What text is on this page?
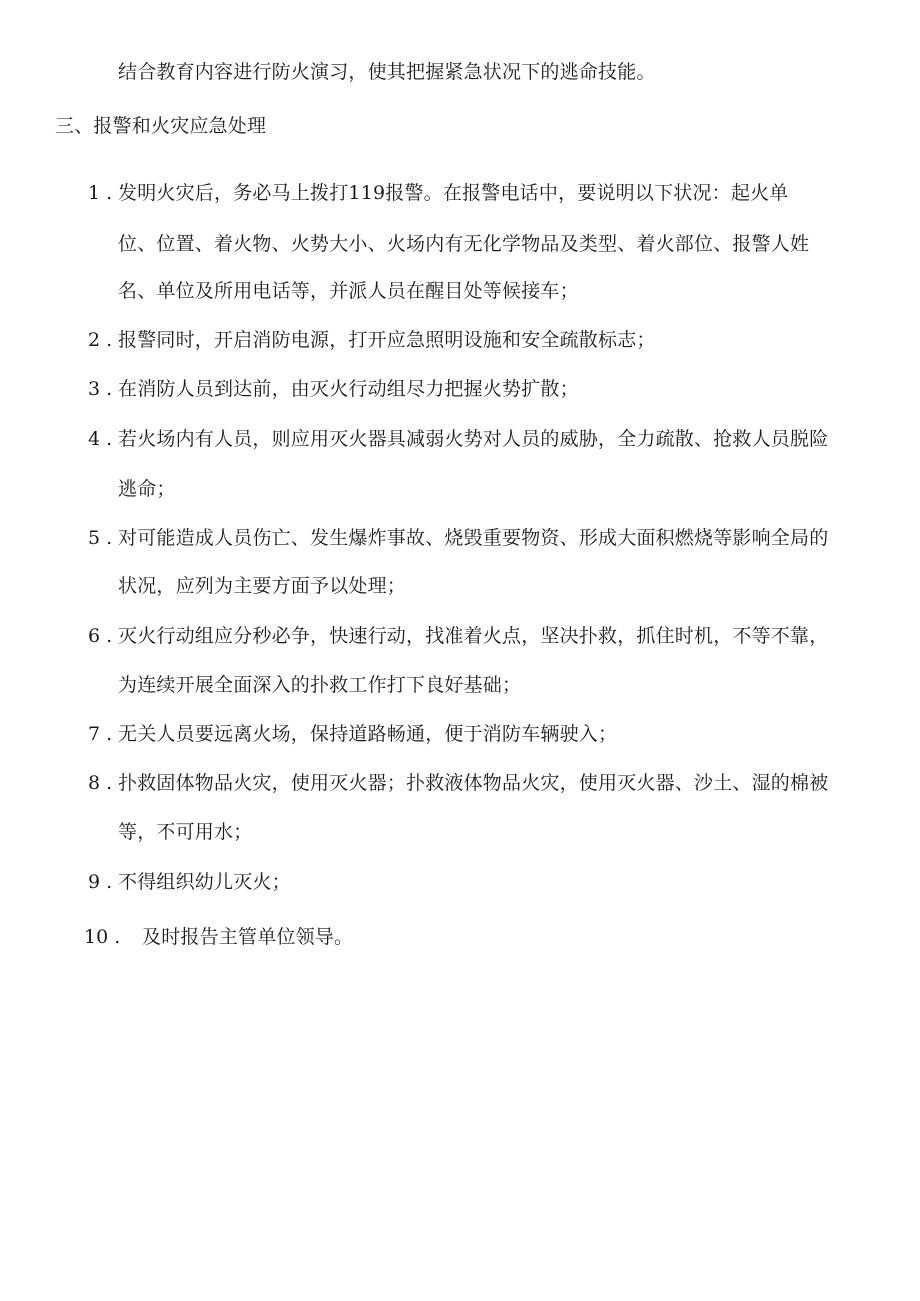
结合教育内容进行防火演习，使其把握紧急状况下的逃命技能。
三、报警和火灾应急处理
1 . 发明火灾后，务必马上拨打119报警。在报警电话中，要说明以下状况：起火单
位、位置、着火物、火势大小、火场内有无化学物品及类型、着火部位、报警人姓
名、单位及所用电话等，并派人员在醒目处等候接车；
2 . 报警同时，开启消防电源，打开应急照明设施和安全疏散标志；
3 . 在消防人员到达前，由灭火行动组尽力把握火势扩散；
4 . 若火场内有人员，则应用灭火器具减弱火势对人员的威胁，全力疏散、抢救人员脱险
逃命；
5 . 对可能造成人员伤亡、发生爆炸事故、烧毁重要物资、形成大面积燃烧等影响全局的
状况，应列为主要方面予以处理；
6 . 灭火行动组应分秒必争，快速行动，找准着火点，坚决扑救，抓住时机，不等不靠，
为连续开展全面深入的扑救工作打下良好基础；
7 . 无关人员要远离火场，保持道路畅通，便于消防车辆驶入；
8 . 扑救固体物品火灾，使用灭火器；扑救液体物品火灾，使用灭火器、沙土、湿的棉被
等，不可用水；
9 . 不得组织幼儿灭火；
10 . 及时报告主管单位领导。
